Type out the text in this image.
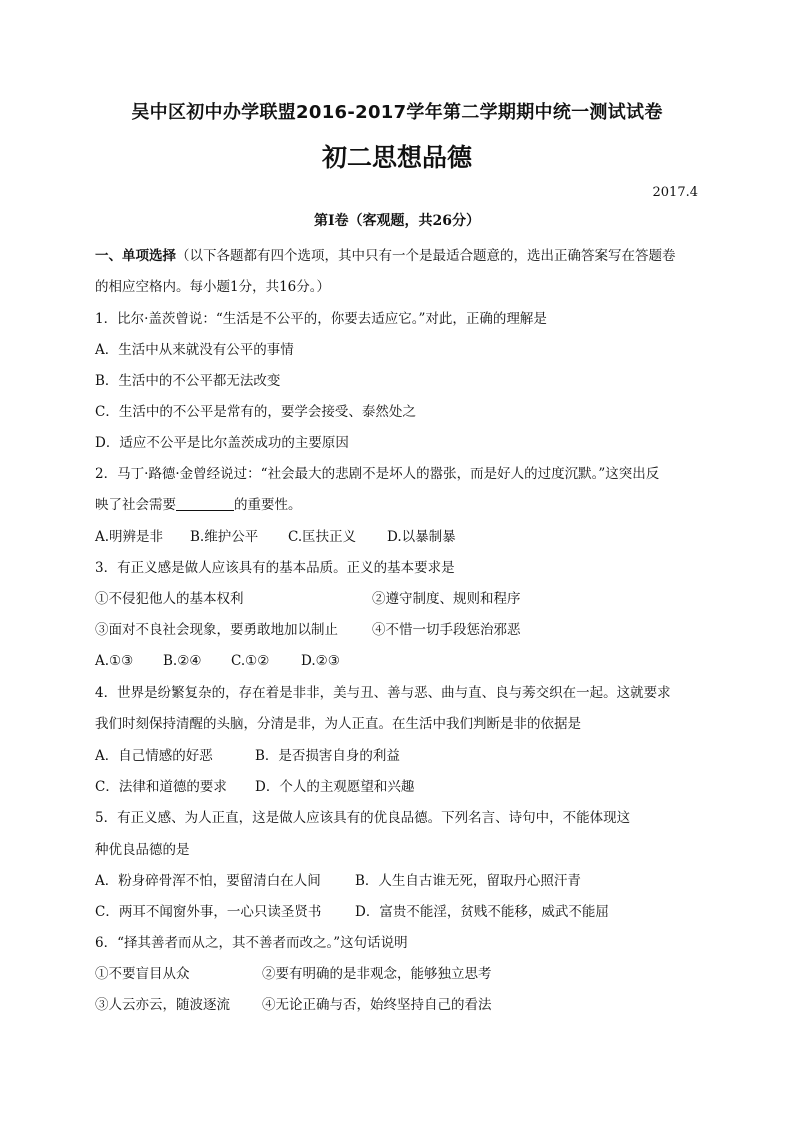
吴中区初中办学联盟2016-2017学年第二学期期中统一测试试卷
初二思想品德
2017.4
第Ⅰ卷（客观题，共26分）
一、单项选择（以下各题都有四个选项，其中只有一个是最适合题意的，选出正确答案写在答题卷
的相应空格内。每小题1分，共16分。）
1．比尔·盖茨曾说：“生活是不公平的，你要去适应它。”对此，正确的理解是
A．生活中从来就没有公平的事情
B．生活中的不公平都无法改变
C．生活中的不公平是常有的，要学会接受、泰然处之
D．适应不公平是比尔盖茨成功的主要原因
2．马丁·路德·金曾经说过：“社会最大的悲剧不是坏人的嚣张，而是好人的过度沉默。”这突出反
映了社会需要	的重要性。
A.明辨是非 B.维护公平 C.匡扶正义 D.以暴制暴
3．有正义感是做人应该具有的基本品质。正义的基本要求是
①不侵犯他人的基本权利	②遵守制度、规则和程序
③面对不良社会现象，要勇敢地加以制止	④不惜一切手段惩治邪恶
A.①③ B.②④ C.①② D.②③
4．世界是纷繁复杂的，存在着是非非，美与丑、善与恶、曲与直、良与莠交织在一起。这就要求
我们时刻保持清醒的头脑，分清是非，为人正直。在生活中我们判断是非的依据是
A．自己情感的好恶	B．是否损害自身的利益
C．法律和道德的要求 D．个人的主观愿望和兴趣
5．有正义感、为人正直，这是做人应该具有的优良品德。下列名言、诗句中，不能体现这
种优良品德的是
A．粉身碎骨浑不怕，要留清白在人间	B．人生自古谁无死，留取丹心照汗青
C．两耳不闻窗外事，一心只读圣贤书 D．富贵不能淫，贫贱不能移，威武不能屈
6．“择其善者而从之，其不善者而改之。”这句话说明
①不要盲目从众	②要有明确的是非观念，能够独立思考
③人云亦云，随波逐流 ④无论正确与否，始终坚持自己的看法
